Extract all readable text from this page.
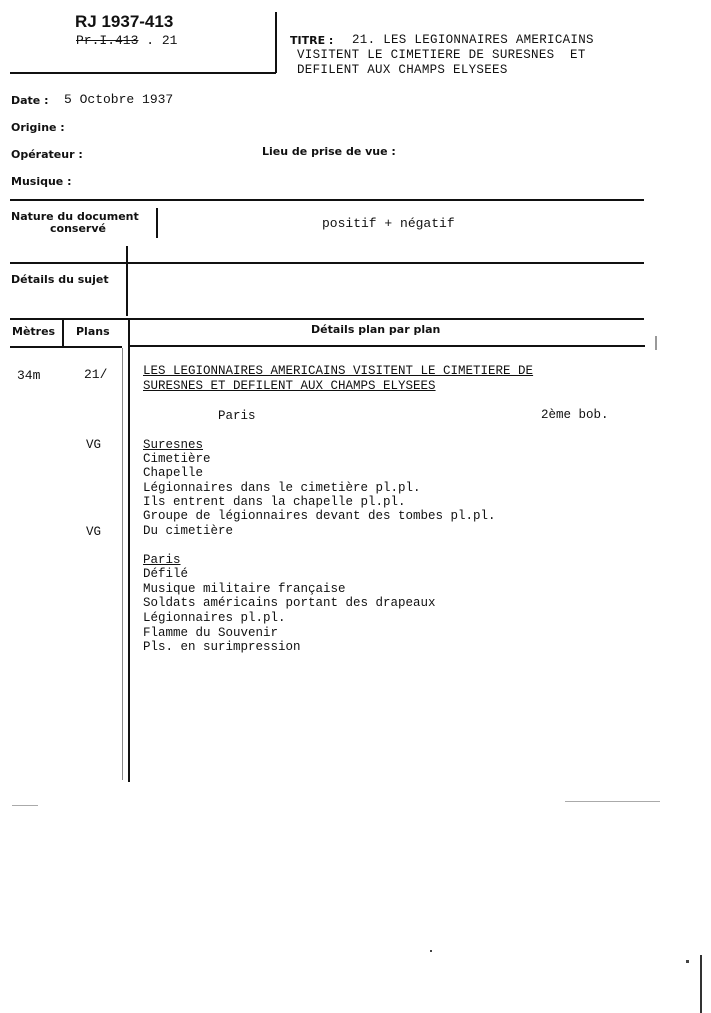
RJ 1937-413
Pr.I.413 . 21	TITRE : 21. LES LEGIONNAIRES AMERICAINS
VISITENT LE CIMETIERE DE SURESNES  ET
DEFILENT AUX CHAMPS ELYSEES
Date : 5 Octobre 1937
Origine :
Opérateur :	Lieu de prise de vue :
Musique :
Nature du document
conservé	positif + négatif
Détails du sujet
Mètres Plans	Détails plan par plan
34m	21/	LES LEGIONNAIRES AMERICAINS VISITENT LE CIMETIERE DE
SURESNES ET DEFILENT AUX CHAMPS ELYSEES
Paris	2ème bob.
VG	Suresnes
Cimetière
Chapelle
Légionnaires dans le cimetière pl.pl.
Ils entrent dans la chapelle pl.pl.
Groupe de légionnaires devant des tombes pl.pl.
VG	Du cimetière
Paris
Défilé
Musique militaire française
Soldats américains portant des drapeaux
Légionnaires pl.pl.
Flamme du Souvenir
Pls. en surimpression
